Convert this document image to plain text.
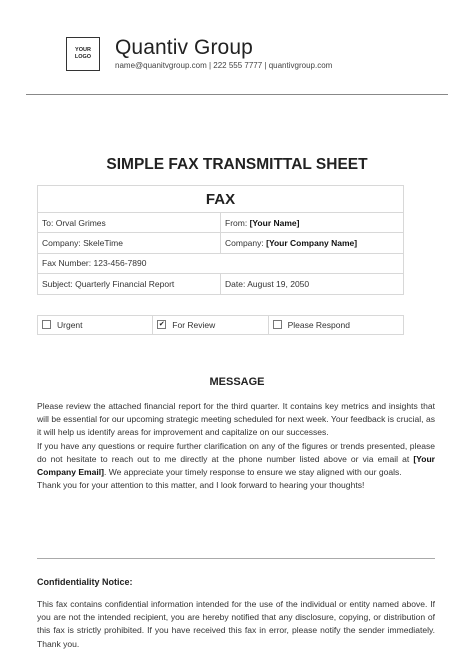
YOUR
LOGO Quantiv Group
name@quanitvgroup.com | 222 555 7777 | quantivgroup.com
SIMPLE FAX TRANSMITTAL SHEET
FAX	
To: Orval Grimes	From: [Your Name]
Company: SkeleTime	Company: [Your Company Name]
Fax Number: 123-456-7890	
Subject: Quarterly Financial Report	Date: August 19, 2050
Urgent	✔For Review	Please Respond
MESSAGE

Please review the attached financial report for the third quarter. It contains key metrics and insights that will be essential for our upcoming strategic meeting scheduled for next week. Your feedback is crucial, as it will help us identify areas for improvement and capitalize on our successes.

If you have any questions or require further clarification on any of the figures or trends presented, please do not hesitate to reach out to me directly at the phone number listed above or via email at [Your Company Email]. We appreciate your timely response to ensure we stay aligned with our goals.

Thank you for your attention to this matter, and I look forward to hearing your thoughts!

Confidentiality Notice:
This fax contains confidential information intended for the use of the individual or entity named above. If you are not the intended recipient, you are hereby notified that any disclosure, copying, or distribution of this fax is strictly prohibited. If you have received this fax in error, please notify the sender immediately. Thank you.
